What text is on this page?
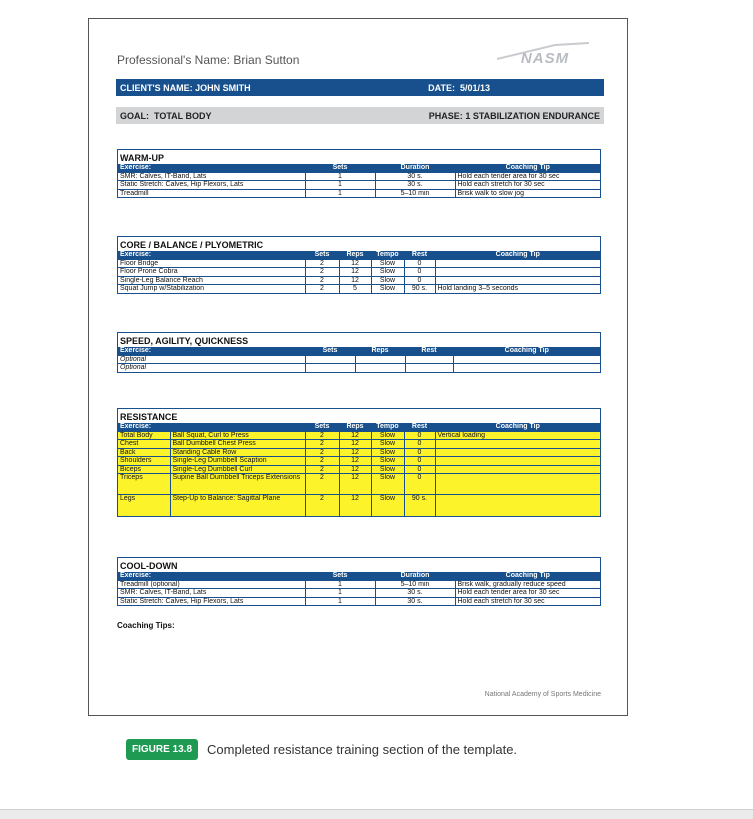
Professional's Name: Brian Sutton	NASM
CLIENT'S NAME:
JOHN SMITH	DATE: 5/01/13
GOAL:
TOTAL BODY	PHASE: 1 STABILIZATION ENDURANCE
WARM-UP
Exercise:	Sets	Duration	Coaching Tip
SMR: Calves, IT-Band, Lats	1	30 s.	Hold each tender area for 30 sec
Static Stretch: Calves, Hip Flexors, Lats	1	30 s.	Hold each stretch for 30 sec
Treadmill	1	5–10 min	Brisk walk to slow jog
CORE / BALANCE / PLYOMETRIC
Exercise:	Sets	Reps	Tempo	Rest	Coaching Tip
Floor Bridge	2	12	Slow	0	
Floor Prone Cobra	2	12	Slow	0	
Single-Leg Balance Reach	2	12	Slow	0	
Squat Jump w/Stabilization	2	5	Slow	90 s.	Hold landing 3–5 seconds
SPEED, AGILITY, QUICKNESS
Exercise:	Sets	Reps	Rest	Coaching Tip
Optional				
Optional				
RESISTANCE
Exercise:		Sets	Reps	Tempo	Rest	Coaching Tip
Total Body	Ball Squat, Curl to Press	2	12	Slow	0	Vertical loading
Chest	Ball Dumbbell Chest Press	2	12	Slow	0	
Back	Standing Cable Row	2	12	Slow	0	
Shoulders	Single-Leg Dumbbell Scaption	2	12	Slow	0	
Biceps	Single-Leg Dumbbell Curl	2	12	Slow	0	
Triceps	Supine Ball Dumbbell Triceps Extensions	2	12	Slow	0	
Legs	Step-Up to Balance: Sagittal Plane	2	12	Slow	90 s.	
COOL-DOWN
Exercise:	Sets	Duration	Coaching Tip
Treadmill (optional)	1	5–10 min	Brisk walk, gradually reduce speed
SMR: Calves, IT-Band, Lats	1	30 s.	Hold each tender area for 30 sec
Static Stretch: Calves, Hip Flexors, Lats	1	30 s.	Hold each stretch for 30 sec
Coaching Tips:
National Academy of Sports Medicine
FIGURE 13.8	Completed resistance training section of the template.
